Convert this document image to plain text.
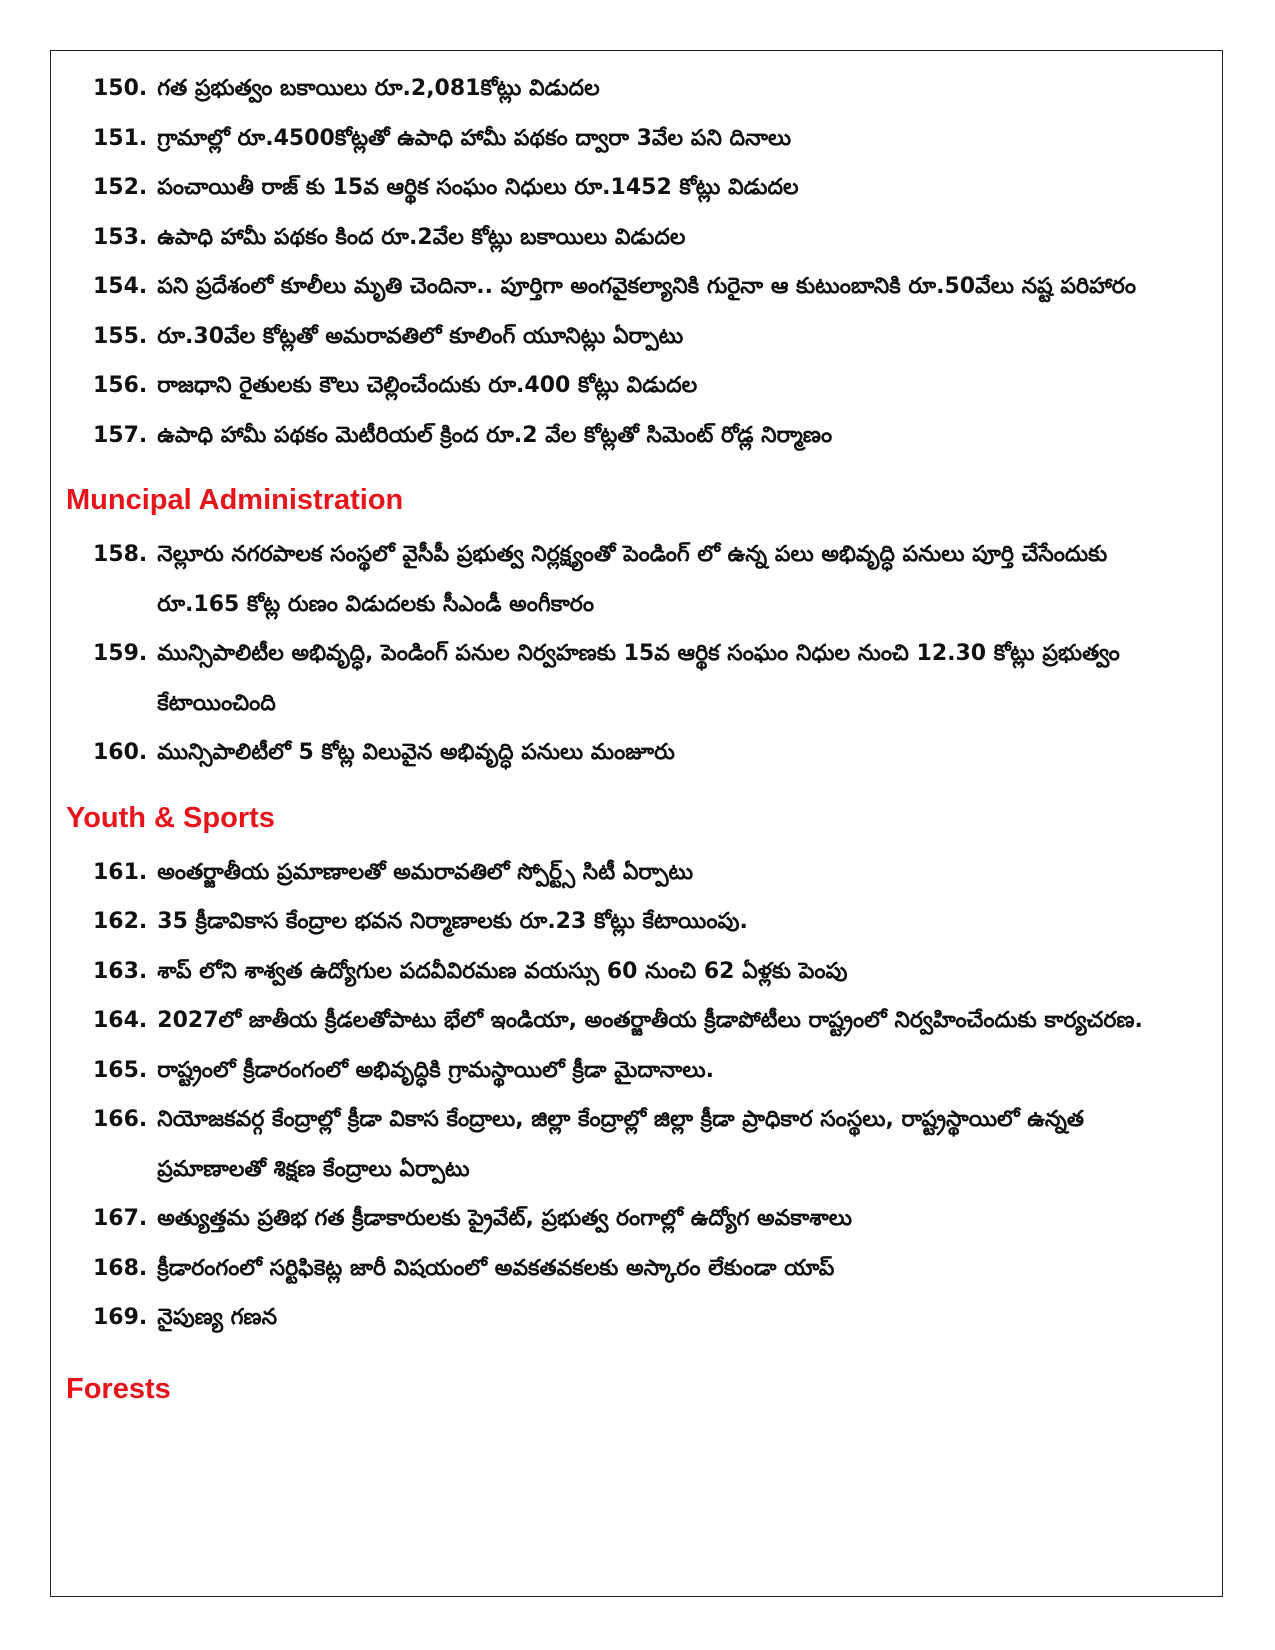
150. గత ప్రభుత్వం బకాయిలు రూ.2,081కోట్లు విడుదల
151. గ్రామాల్లో రూ.4500కోట్లతో ఉపాధి హామీ పథకం ద్వారా 3వేల పని దినాలు
152. పంచాయితీ రాజ్ కు 15వ ఆర్థిక సంఘం నిధులు రూ.1452 కోట్లు విడుదల
153. ఉపాధి హామీ పథకం కింద రూ.2వేల కోట్లు బకాయిలు విడుదల
154. పని ప్రదేశంలో కూలీలు మృతి చెందినా.. పూర్తిగా అంగవైకల్యానికి గురైనా ఆ కుటుంబానికి రూ.50వేలు నష్ట పరిహారం
155. రూ.30వేల కోట్లతో అమరావతిలో కూలింగ్ యూనిట్లు ఏర్పాటు
156. రాజధాని రైతులకు కౌలు చెల్లించేందుకు రూ.400 కోట్లు విడుదల
157. ఉపాధి హామీ పథకం మెటీరియల్ క్రింద రూ.2 వేల కోట్లతో సిమెంట్ రోడ్ల నిర్మాణం
Muncipal Administration
158. నెల్లూరు నగరపాలక సంస్థలో వైసీపీ ప్రభుత్వ నిర్లక్ష్యంతో పెండింగ్ లో ఉన్న పలు అభివృద్ధి పనులు పూర్తి చేసేందుకు రూ.165 కోట్ల రుణం విడుదలకు సీఎండీ అంగీకారం
159. మున్సిపాలిటీల అభివృద్ధి, పెండింగ్ పనుల నిర్వహణకు 15వ ఆర్థిక సంఘం నిధుల నుంచి 12.30 కోట్లు ప్రభుత్వం కేటాయించింది
160. మున్సిపాలిటీలో 5 కోట్ల విలువైన అభివృద్ధి పనులు మంజూరు
Youth & Sports
161. అంతర్జాతీయ ప్రమాణాలతో అమరావతిలో స్పోర్ట్స్ సిటీ ఏర్పాటు
162. 35 క్రీడావికాస కేంద్రాల భవన నిర్మాణాలకు రూ.23 కోట్లు కేటాయింపు.
163. శాప్ లోని శాశ్వత ఉద్యోగుల పదవీవిరమణ వయస్సు 60 నుంచి 62 ఏళ్లకు పెంపు
164. 2027లో జాతీయ క్రీడలతోపాటు భేలో ఇండియా, అంతర్జాతీయ క్రీడాపోటీలు రాష్ట్రంలో నిర్వహించేందుకు కార్యచరణ.
165. రాష్ట్రంలో క్రీడారంగంలో అభివృద్ధికి గ్రామస్థాయిలో క్రీడా మైదానాలు.
166. నియోజకవర్గ కేంద్రాల్లో క్రీడా వికాస కేంద్రాలు, జిల్లా కేంద్రాల్లో జిల్లా క్రీడా ప్రాధికార సంస్థలు, రాష్ట్రస్థాయిలో ఉన్నత ప్రమాణాలతో శిక్షణ కేంద్రాలు ఏర్పాటు
167. అత్యుత్తమ ప్రతిభ గత క్రీడాకారులకు ప్రైవేట్, ప్రభుత్వ రంగాల్లో ఉద్యోగ అవకాశాలు
168. క్రీడారంగంలో సర్టిఫికెట్ల జారీ విషయంలో అవకతవకలకు అస్కారం లేకుండా యాప్
169. నైపుణ్య గణన
Forests
